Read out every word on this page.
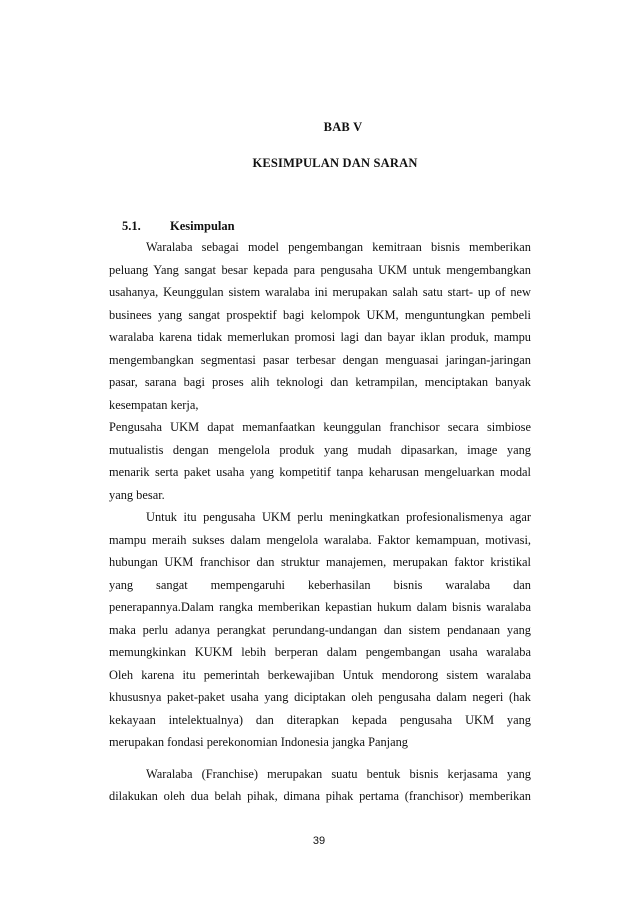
BAB V
KESIMPULAN DAN SARAN
5.1. Kesimpulan
Waralaba sebagai model pengembangan kemitraan bisnis memberikan
peluang Yang sangat besar kepada para pengusaha UKM untuk mengembangkan
usahanya, Keunggulan sistem waralaba ini merupakan salah satu start- up of new
businees yang sangat prospektif bagi kelompok UKM, menguntungkan pembeli
waralaba karena tidak memerlukan promosi lagi dan bayar iklan produk, mampu
mengembangkan segmentasi pasar terbesar dengan menguasai jaringan-jaringan
pasar, sarana bagi proses alih teknologi dan ketrampilan, menciptakan banyak
kesempatan kerja,
Pengusaha UKM dapat memanfaatkan keunggulan franchisor secara simbiose
mutualistis dengan mengelola produk yang mudah dipasarkan, image yang
menarik serta paket usaha yang kompetitif tanpa keharusan mengeluarkan modal
yang besar.
Untuk itu pengusaha UKM perlu meningkatkan profesionalismenya agar
mampu meraih sukses dalam mengelola waralaba. Faktor kemampuan, motivasi,
hubungan UKM franchisor dan struktur manajemen, merupakan faktor kristikal
yang sangat mempengaruhi keberhasilan bisnis waralaba dan
penerapannya.Dalam rangka memberikan kepastian hukum dalam bisnis waralaba
maka perlu adanya perangkat perundang-undangan dan sistem pendanaan yang
memungkinkan KUKM lebih berperan dalam pengembangan usaha waralaba
Oleh karena itu pemerintah berkewajiban Untuk mendorong sistem waralaba
khususnya paket-paket usaha yang diciptakan oleh pengusaha dalam negeri (hak
kekayaan intelektualnya) dan diterapkan kepada pengusaha UKM yang
merupakan fondasi perekonomian Indonesia jangka Panjang
Waralaba (Franchise) merupakan suatu bentuk bisnis kerjasama yang
dilakukan oleh dua belah pihak, dimana pihak pertama (franchisor) memberikan
39
